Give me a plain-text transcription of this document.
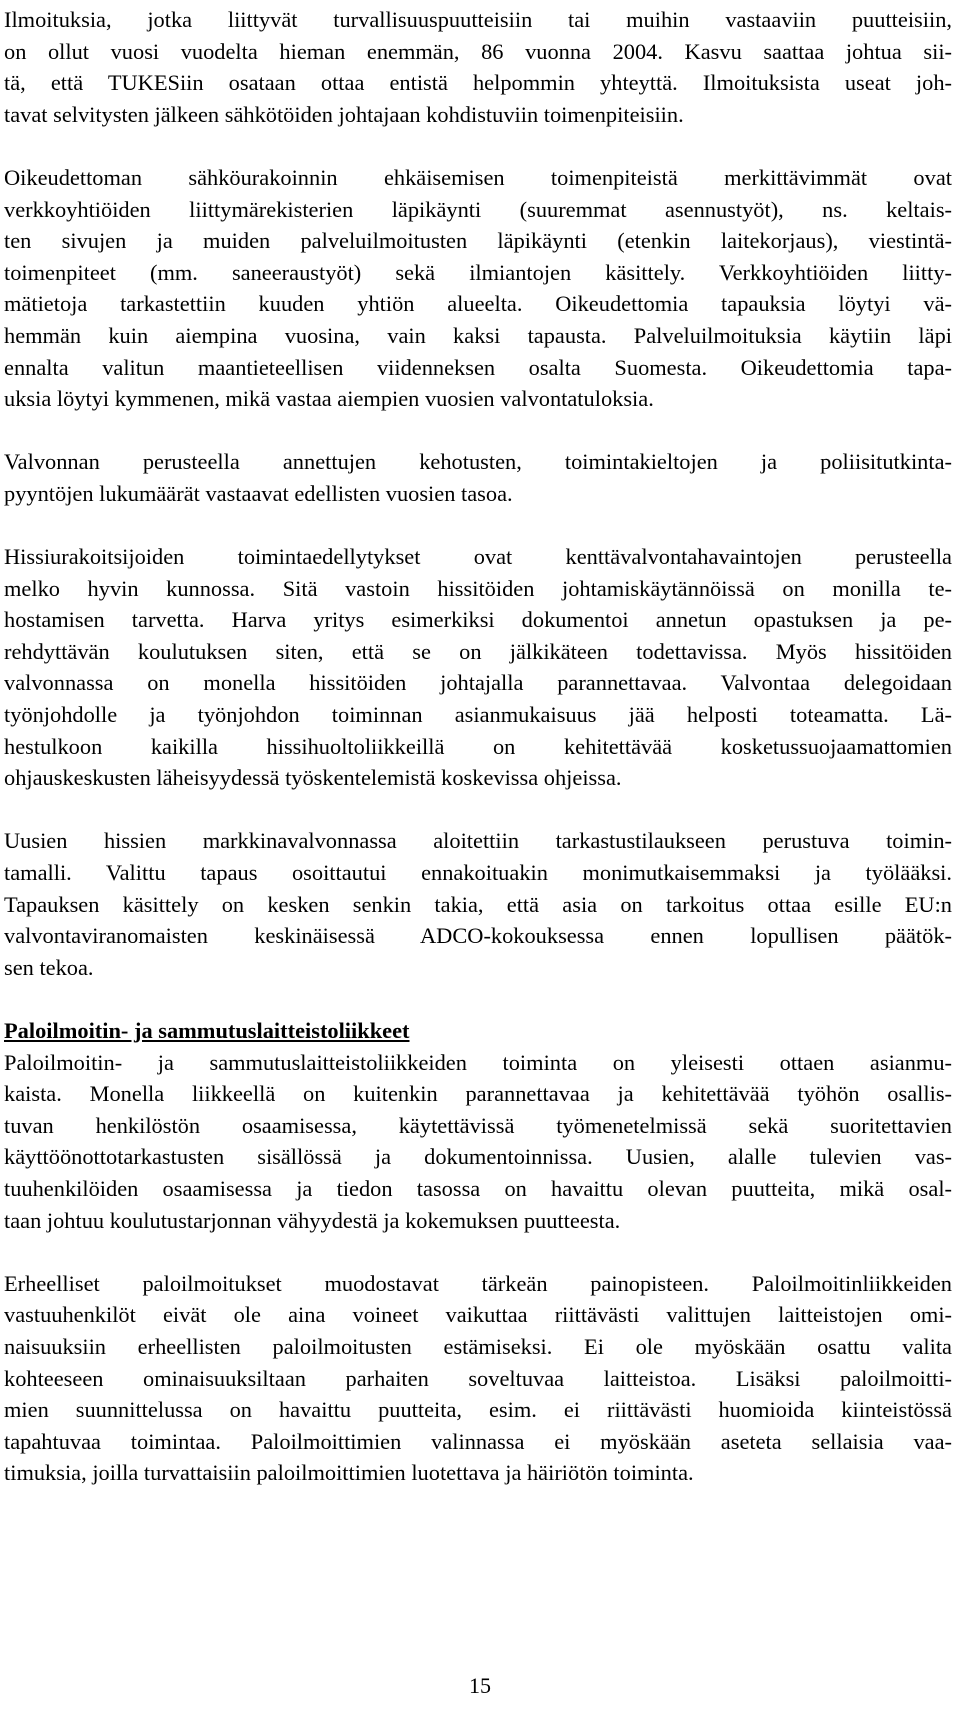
Ilmoituksia, jotka liittyvät turvallisuuspuutteisiin tai muihin vastaaviin puutteisiin,
on ollut vuosi vuodelta hieman enemmän, 86 vuonna 2004. Kasvu saattaa johtua sii-
tä, että TUKESiin osataan ottaa entistä helpommin yhteyttä. Ilmoituksista useat joh-
tavat selvitysten jälkeen sähkötöiden johtajaan kohdistuviin toimenpiteisiin.
Oikeudettoman sähköurakoinnin ehkäisemisen toimenpiteistä merkittävimmät ovat
verkkoyhtiöiden liittymärekisterien läpikäynti (suuremmat asennustyöt), ns. keltais-
ten sivujen ja muiden palveluilmoitusten läpikäynti (etenkin laitekorjaus), viestintä-
toimenpiteet (mm. saneeraustyöt) sekä ilmiantojen käsittely. Verkkoyhtiöiden liitty-
mätietoja tarkastettiin kuuden yhtiön alueelta. Oikeudettomia tapauksia löytyi vä-
hemmän kuin aiempina vuosina, vain kaksi tapausta. Palveluilmoituksia käytiin läpi
ennalta valitun maantieteellisen viidenneksen osalta Suomesta. Oikeudettomia tapa-
uksia löytyi kymmenen, mikä vastaa aiempien vuosien valvontatuloksia.
Valvonnan perusteella annettujen kehotusten, toimintakieltojen ja poliisitutkinta-
pyyntöjen lukumäärät vastaavat edellisten vuosien tasoa.
Hissiurakoitsijoiden toimintaedellytykset ovat kenttävalvontahavaintojen perusteella
melko hyvin kunnossa. Sitä vastoin hissitöiden johtamiskäytännöissä on monilla te-
hostamisen tarvetta. Harva yritys esimerkiksi dokumentoi annetun opastuksen ja pe-
rehdyttävän koulutuksen siten, että se on jälkikäteen todettavissa. Myös hissitöiden
valvonnassa on monella hissitöiden johtajalla parannettavaa. Valvontaa delegoidaan
työnjohdolle ja työnjohdon toiminnan asianmukaisuus jää helposti toteamatta. Lä-
hestulkoon kaikilla hissihuoltoliikkeillä on kehitettävää kosketussuojaamattomien
ohjauskeskusten läheisyydessä työskentelemistä koskevissa ohjeissa.
Uusien hissien markkinavalvonnassa aloitettiin tarkastustilaukseen perustuva toimin-
tamalli. Valittu tapaus osoittautui ennakoituakin monimutkaisemmaksi ja työlääksi.
Tapauksen käsittely on kesken senkin takia, että asia on tarkoitus ottaa esille EU:n
valvontaviranomaisten keskinäisessä ADCO-kokouksessa ennen lopullisen päätök-
sen tekoa.
Paloilmoitin- ja sammutuslaitteistoliikkeet
Paloilmoitin- ja sammutuslaitteistoliikkeiden toiminta on yleisesti ottaen asianmu-
kaista. Monella liikkeellä on kuitenkin parannettavaa ja kehitettävää työhön osallis-
tuvan henkilöstön osaamisessa, käytettävissä työmenetelmissä sekä suoritettavien
käyttöönottotarkastusten sisällössä ja dokumentoinnissa. Uusien, alalle tulevien vas-
tuuhenkilöiden osaamisessa ja tiedon tasossa on havaittu olevan puutteita, mikä osal-
taan johtuu koulutustarjonnan vähyydestä ja kokemuksen puutteesta.
Erheelliset paloilmoitukset muodostavat tärkeän painopisteen. Paloilmoitinliikkeiden
vastuuhenkilöt eivät ole aina voineet vaikuttaa riittävästi valittujen laitteistojen omi-
naisuuksiin erheellisten paloilmoitusten estämiseksi. Ei ole myöskään osattu valita
kohteeseen ominaisuuksiltaan parhaiten soveltuvaa laitteistoa. Lisäksi paloilmoitti-
mien suunnittelussa on havaittu puutteita, esim. ei riittävästi huomioida kiinteistössä
tapahtuvaa toimintaa. Paloilmoittimien valinnassa ei myöskään aseteta sellaisia vaa-
timuksia, joilla turvattaisiin paloilmoittimien luotettava ja häiriötön toiminta.
15
